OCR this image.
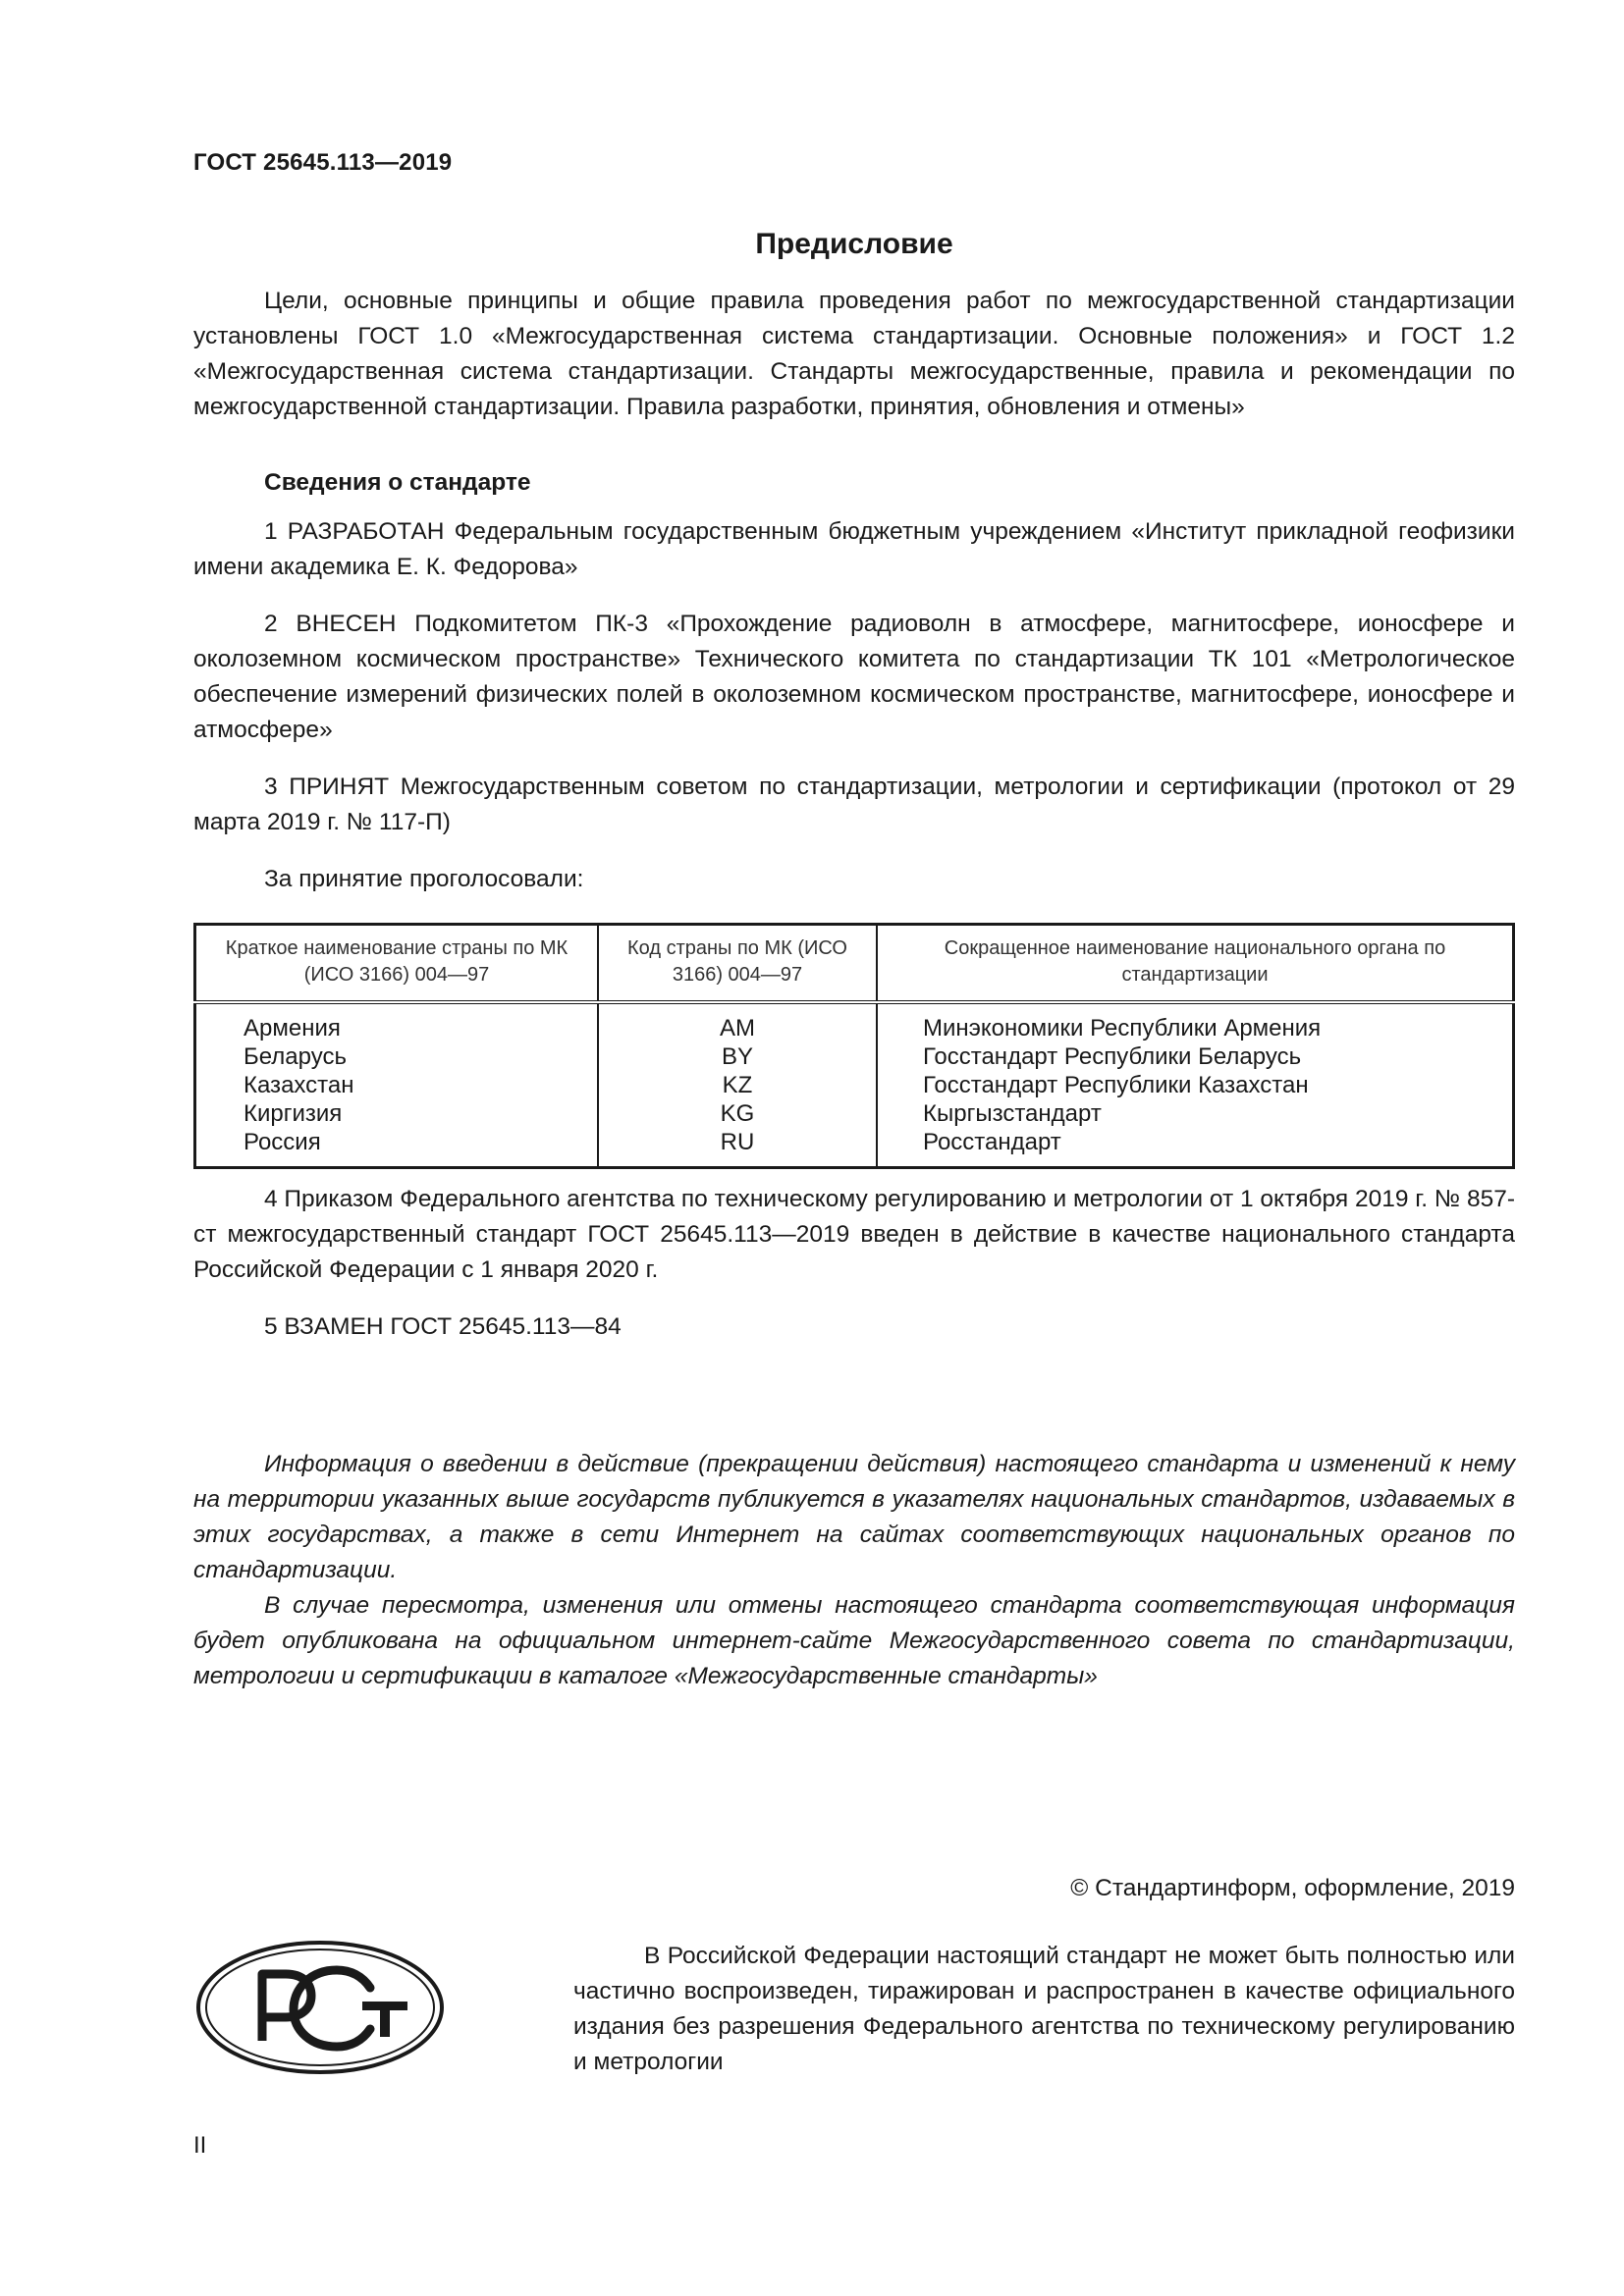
ГОСТ 25645.113—2019
Предисловие

Цели, основные принципы и общие правила проведения работ по межгосударственной стандартизации установлены ГОСТ 1.0 «Межгосударственная система стандартизации. Основные положения» и ГОСТ 1.2 «Межгосударственная система стандартизации. Стандарты межгосударственные, правила и рекомендации по межгосударственной стандартизации. Правила разработки, принятия, обновления и отмены»

Сведения о стандарте

1 РАЗРАБОТАН Федеральным государственным бюджетным учреждением «Институт прикладной геофизики имени академика Е. К. Федорова»

2 ВНЕСЕН Подкомитетом ПК-3 «Прохождение радиоволн в атмосфере, магнитосфере, ионосфере и околоземном космическом пространстве» Технического комитета по стандартизации ТК 101 «Метрологическое обеспечение измерений физических полей в околоземном космическом пространстве, магнитосфере, ионосфере и атмосфере»

3 ПРИНЯТ Межгосударственным советом по стандартизации, метрологии и сертификации (протокол от 29 марта 2019 г. № 117-П)

За принятие проголосовали:

Краткое наименование страны по МК (ИСО 3166) 004—97	Код страны по МК (ИСО 3166) 004—97	Сокращенное наименование национального органа по стандартизации
Армения	AM	Минэкономики Республики Армения
Беларусь	BY	Госстандарт Республики Беларусь
Казахстан	KZ	Госстандарт Республики Казахстан
Киргизия	KG	Кыргызстандарт
Россия	RU	Росстандарт

4 Приказом Федерального агентства по техническому регулированию и метрологии от 1 октября 2019 г. № 857-ст межгосударственный стандарт ГОСТ 25645.113—2019 введен в действие в качестве национального стандарта Российской Федерации с 1 января 2020 г.

5 ВЗАМЕН ГОСТ 25645.113—84

Информация о введении в действие (прекращении действия) настоящего стандарта и изменений к нему на территории указанных выше государств публикуется в указателях национальных стандартов, издаваемых в этих государствах, а также в сети Интернет на сайтах соответствующих национальных органов по стандартизации.

В случае пересмотра, изменения или отмены настоящего стандарта соответствующая информация будет опубликована на официальном интернет-сайте Межгосударственного совета по стандартизации, метрологии и сертификации в каталоге «Межгосударственные стандарты»

© Стандартинформ, оформление, 2019

В Российской Федерации настоящий стандарт не может быть полностью или частично воспроизведен, тиражирован и распространен в качестве официального издания без разрешения Федерального агентства по техническому регулированию и метрологии

II
